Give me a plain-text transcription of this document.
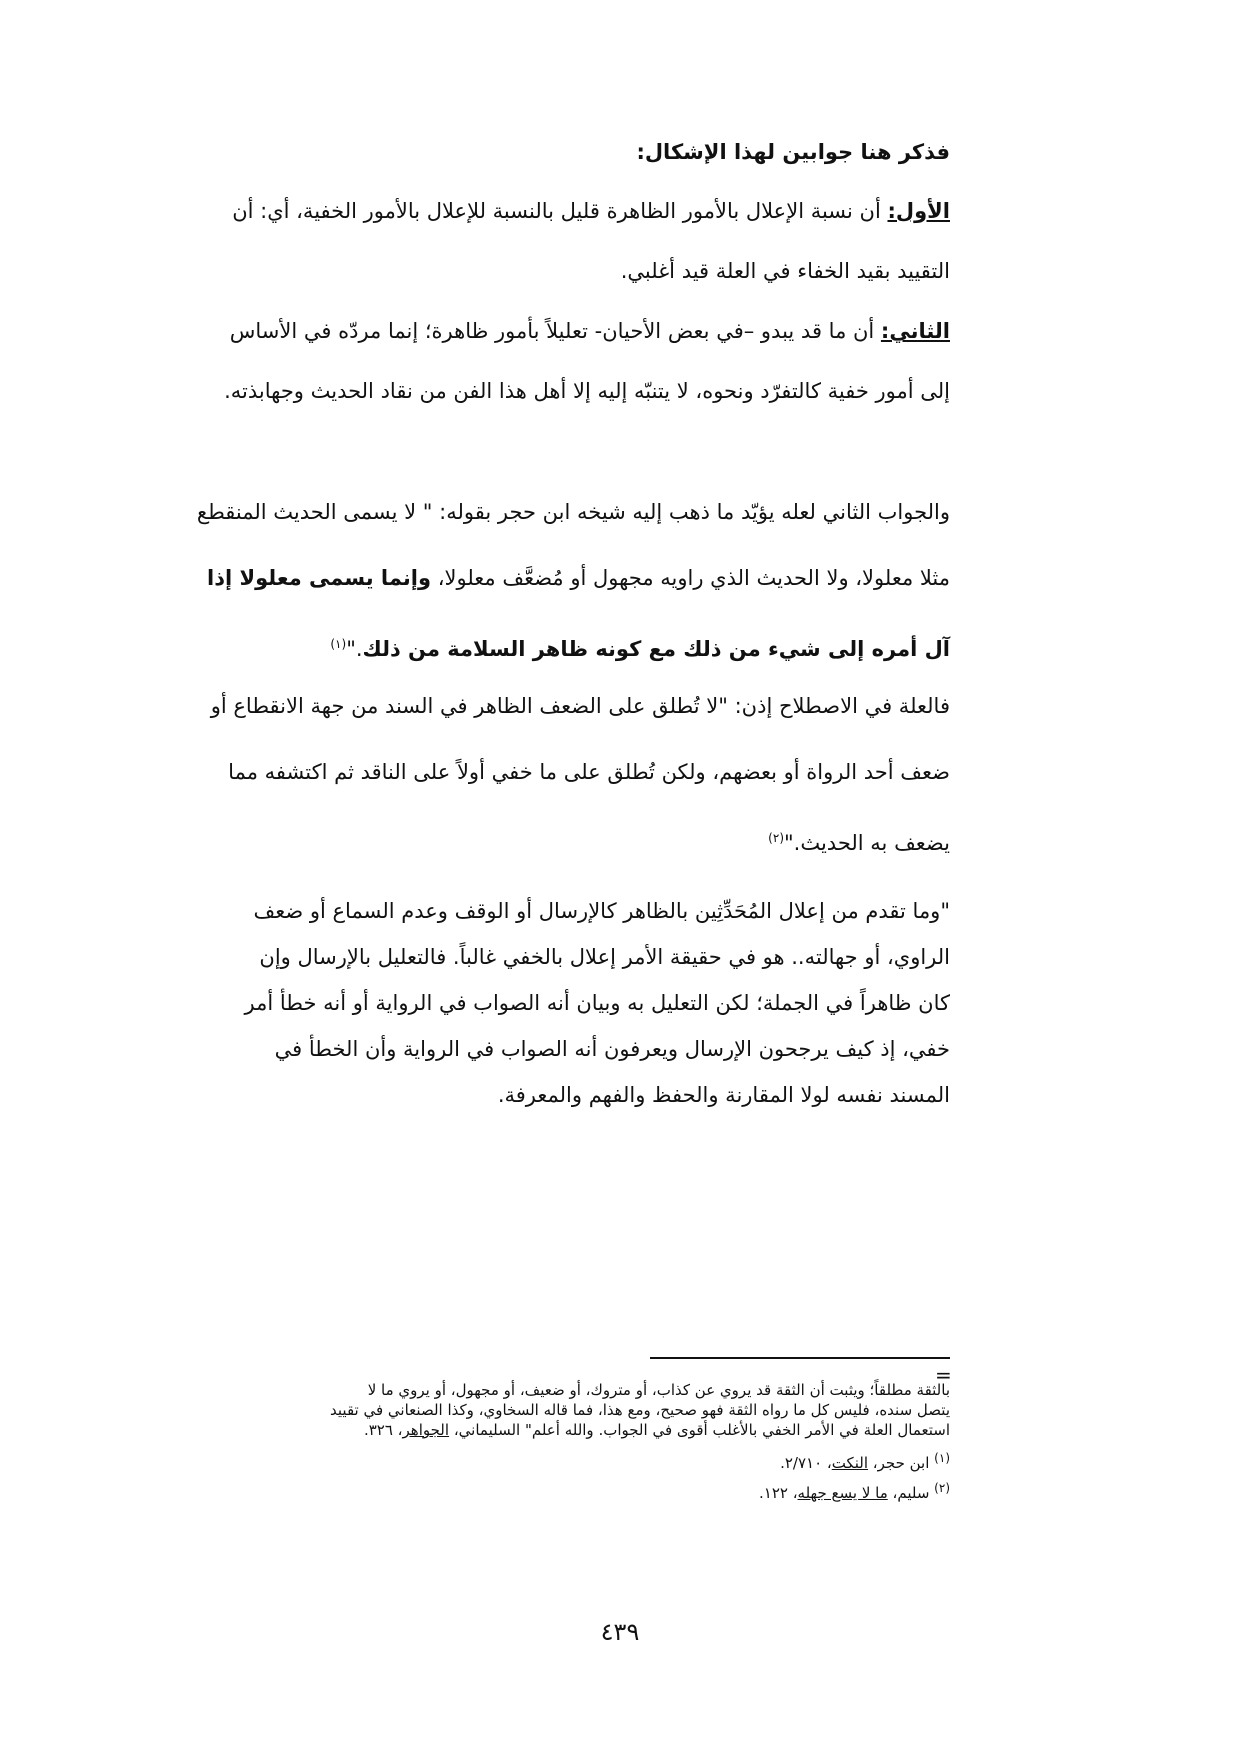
فذكر هنا جوابين لهذا الإشكال:
الأول: أن نسبة الإعلال بالأمور الظاهرة قليل بالنسبة للإعلال بالأمور الخفية، أي: أن
التقييد بقيد الخفاء في العلة قيد أغلبي.
الثاني: أن ما قد يبدو –في بعض الأحيان- تعليلاً بأمور ظاهرة؛ إنما مردّه في الأساس
إلى أمور خفية كالتفرّد ونحوه، لا يتنبّه إليه إلا أهل هذا الفن من نقاد الحديث وجهابذته.
والجواب الثاني لعله يؤيّد ما ذهب إليه شيخه ابن حجر بقوله: " لا يسمى الحديث المنقطع
مثلا معلولا، ولا الحديث الذي راويه مجهول أو مُضعَّف معلولا، وإنما يسمى معلولا إذا
آل أمره إلى شيء من ذلك مع كونه ظاهر السلامة من ذلك."$^{(١)}$
فالعلة في الاصطلاح إذن: "لا تُطلق على الضعف الظاهر في السند من جهة الانقطاع أو
ضعف أحد الرواة أو بعضهم، ولكن تُطلق على ما خفي أولاً على الناقد ثم اكتشفه مما
يضعف به الحديث."$^{(٢)}$
"وما تقدم من إعلال المُحَدِّثِين بالظاهر كالإرسال أو الوقف وعدم السماع أو ضعف
الراوي، أو جهالته.. هو في حقيقة الأمر إعلال بالخفي غالباً. فالتعليل بالإرسال وإن
كان ظاهراً في الجملة؛ لكن التعليل به وبيان أنه الصواب في الرواية أو أنه خطأ أمر
خفي، إذ كيف يرجحون الإرسال ويعرفون أنه الصواب في الرواية وأن الخطأ في
المسند نفسه لولا المقارنة والحفظ والفهم والمعرفة.
=
بالثقة مطلقاً؛ ويثبت أن الثقة قد يروي عن كذاب، أو متروك، أو ضعيف، أو مجهول، أو يروي ما لا
يتصل سنده، فليس كل ما رواه الثقة فهو صحيح، ومع هذا، فما قاله السخاوي، وكذا الصنعاني في تقييد
استعمال العلة في الأمر الخفي بالأغلب أقوى في الجواب. والله أعلم" السليماني، الجواهر، ٣٢٦.
$^{(١)}$ ابن حجر، النكت، ٢/٧١٠.
$^{(٢)}$ سليم، ما لا يسع جهله، ١٢٢.
٤٣٩
